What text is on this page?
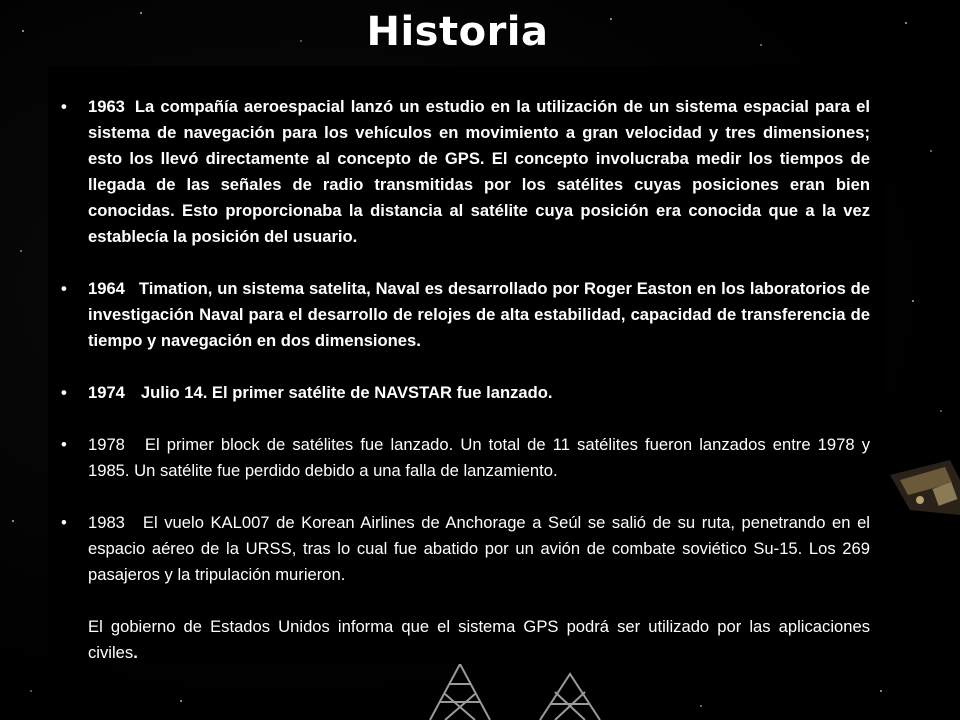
Historia
• 1963 La compañía aeroespacial lanzó un estudio en la utilización de un sistema espacial para el sistema de navegación para los vehículos en movimiento a gran velocidad y tres dimensiones; esto los llevó directamente al concepto de GPS. El concepto involucraba medir los tiempos de llegada de las señales de radio transmitidas por los satélites cuyas posiciones eran bien conocidas. Esto proporcionaba la distancia al satélite cuya posición era conocida que a la vez establecía la posición del usuario.
• 1964 Timation, un sistema satelita, Naval es desarrollado por Roger Easton en los laboratorios de investigación Naval para el desarrollo de relojes de alta estabilidad, capacidad de transferencia de tiempo y navegación en dos dimensiones.
• 1974 Julio 14. El primer satélite de NAVSTAR fue lanzado.
• 1978 El primer block de satélites fue lanzado. Un total de 11 satélites fueron lanzados entre 1978 y 1985. Un satélite fue perdido debido a una falla de lanzamiento.
• 1983 El vuelo KAL007 de Korean Airlines de Anchorage a Seúl se salió de su ruta, penetrando en el espacio aéreo de la URSS, tras lo cual fue abatido por un avión de combate soviético Su-15. Los 269 pasajeros y la tripulación murieron.
El gobierno de Estados Unidos informa que el sistema GPS podrá ser utilizado por las aplicaciones civiles.
